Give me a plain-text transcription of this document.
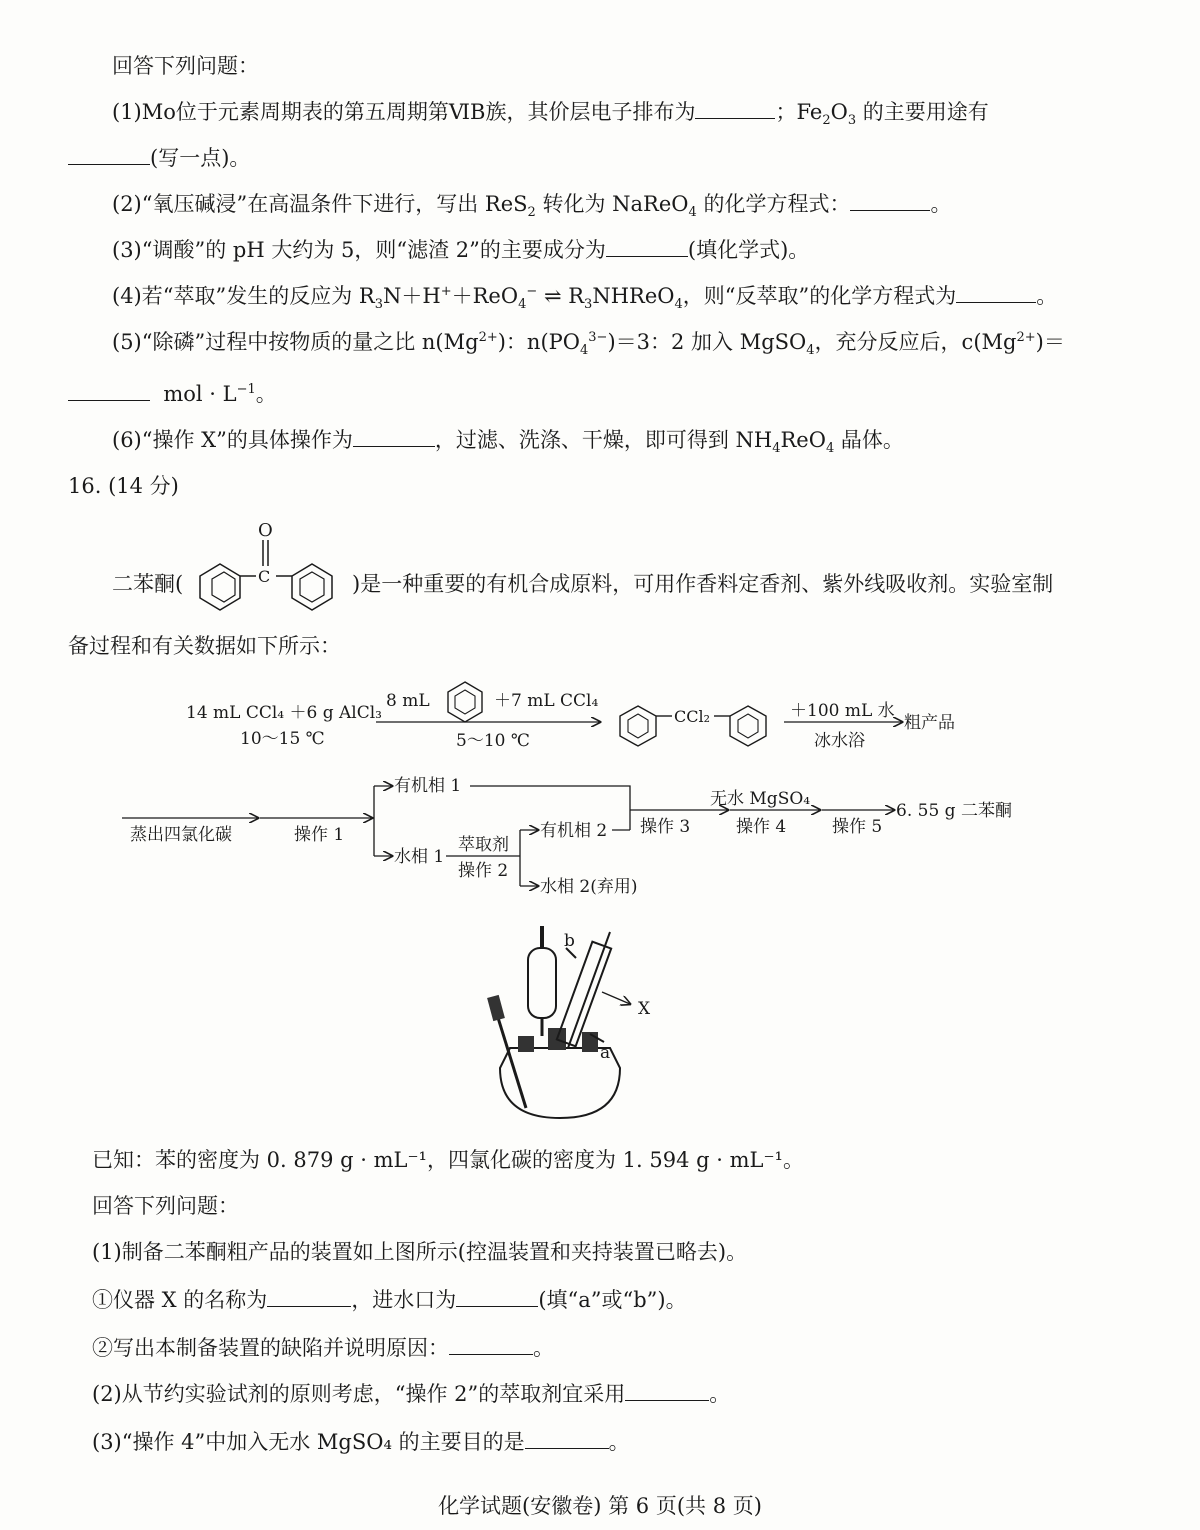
回答下列问题：
(1)Mo位于元素周期表的第五周期第ⅥB族，其价层电子排布为	；$Fe_2O_3$ 的主要用途有
(写一点)。
(2)“氧压碱浸”在高温条件下进行，写出 ReS$_2$ 转化为 NaReO$_4$ 的化学方程式：	。
(3)“调酸”的 pH 大约为 5，则“滤渣 2”的主要成分为	(填化学式)。
(4)若“萃取”发生的反应为 $R_3N+H^++ReO_4^-$ ⇌ $R_3NHReO_4$，则“反萃取”的化学方程式为	。
(5)“除磷”过程中按物质的量之比 $n(Mg^{2+})$：$n(PO_4^{3-})=3$：2 加入 MgSO$_4$，充分反应后，$c(Mg^{2+})=$
mol · $L^{-1}$。
(6)“操作 X”的具体操作为	，过滤、洗涤、干燥，即可得到 $NH_4ReO_4$ 晶体。
16. (14 分)
二苯酮(
O
C	)是一种重要的有机合成原料，可用作香料定香剂、紫外线吸收剂。实验室制
备过程和有关数据如下所示：
14 mL CCl₄ ＋6 g AlCl₃
10～15 ℃
8 mL	＋7 mL CCl₄
5～10 ℃
CCl₂	＋100 mL 水
冰水浴
粗产品
蒸出四氯化碳	操作 1
有机相 1
水相 1
萃取剂
操作 2
有机相 2
水相 2(弃用)
操作 3
无水 MgSO₄
操作 4	操作 5
6. 55 g 二苯酮
b
X
a
已知：苯的密度为 0. 879 g · mL⁻¹，四氯化碳的密度为 1. 594 g · mL⁻¹。
回答下列问题：
(1)制备二苯酮粗产品的装置如上图所示(控温装置和夹持装置已略去)。
①仪器 X 的名称为	，进水口为	(填“a”或“b”)。
②写出本制备装置的缺陷并说明原因：	。
(2)从节约实验试剂的原则考虑，“操作 2”的萃取剂宜采用	。
(3)“操作 4”中加入无水 MgSO₄ 的主要目的是	。
化学试题(安徽卷) 第 6 页(共 8 页)
